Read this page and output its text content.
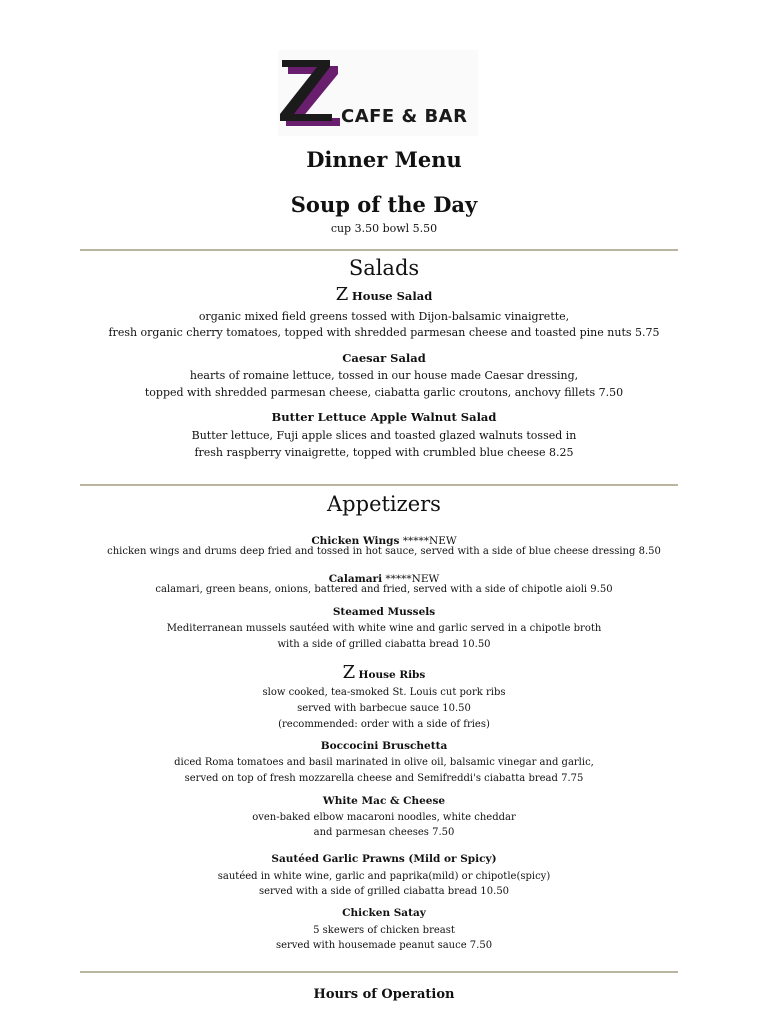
CAFE & BAR
Dinner Menu
Soup of the Day
cup 3.50 bowl 5.50
Salads
Z House Salad
organic mixed field greens tossed with Dijon-balsamic vinaigrette,
fresh organic cherry tomatoes, topped with shredded parmesan cheese and toasted pine nuts 5.75
Caesar Salad
hearts of romaine lettuce, tossed in our house made Caesar dressing,
topped with shredded parmesan cheese, ciabatta garlic croutons, anchovy fillets 7.50
Butter Lettuce Apple Walnut Salad
Butter lettuce, Fuji apple slices and toasted glazed walnuts tossed in
fresh raspberry vinaigrette, topped with crumbled blue cheese 8.25
Appetizers
Chicken Wings *****NEW
chicken wings and drums deep fried and tossed in hot sauce, served with a side of blue cheese dressing 8.50
Calamari *****NEW
calamari, green beans, onions, battered and fried, served with a side of chipotle aioli 9.50
Steamed Mussels
Mediterranean mussels sautéed with white wine and garlic served in a chipotle broth
with a side of grilled ciabatta bread 10.50
Z House Ribs
slow cooked, tea-smoked St. Louis cut pork ribs
served with barbecue sauce 10.50
(recommended: order with a side of fries)
Boccocini Bruschetta
diced Roma tomatoes and basil marinated in olive oil, balsamic vinegar and garlic,
served on top of fresh mozzarella cheese and Semifreddi's ciabatta bread 7.75
White Mac & Cheese
oven-baked elbow macaroni noodles, white cheddar
and parmesan cheeses 7.50
Sautéed Garlic Prawns (Mild or Spicy)
sautéed in white wine, garlic and paprika(mild) or chipotle(spicy)
served with a side of grilled ciabatta bread 10.50
Chicken Satay
5 skewers of chicken breast
served with housemade peanut sauce 7.50
Hours of Operation
